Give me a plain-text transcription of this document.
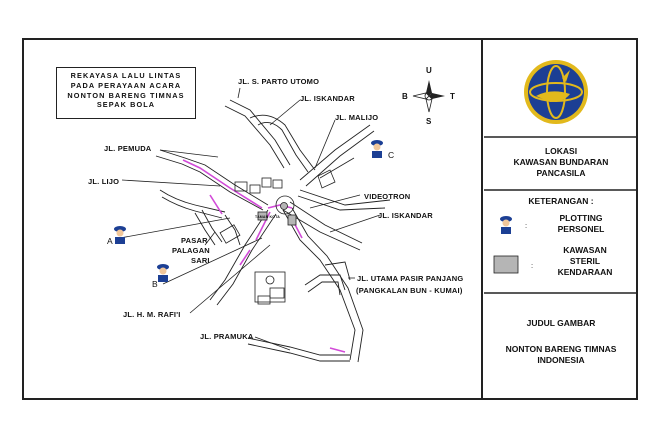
REKAYASA LALU LINTAS
PADA PERAYAAN ACARA
NONTON BARENG TIMNAS
SEPAK BOLA
U
S
B	T
JL. S. PARTO UTOMO
JL. ISKANDAR
JL. MALIJO
JL. PEMUDA
JL. LIJO
VIDEOTRON
JL. ISKANDAR
JL. UTAMA PASIR PANJANG
(PANGKALAN BUN - KUMAI)
JL. H. M. RAFI'I
JL. PRAMUKA
PASAR
PALAGAN
SARI
TAMAN KOTA
A
B
C	LOKASI
KAWASAN BUNDARAN
PANCASILA
KETERANGAN :
:
PLOTTING
PERSONEL
:
KAWASAN
STERIL
KENDARAAN
JUDUL GAMBAR
NONTON BARENG TIMNAS
INDONESIA
